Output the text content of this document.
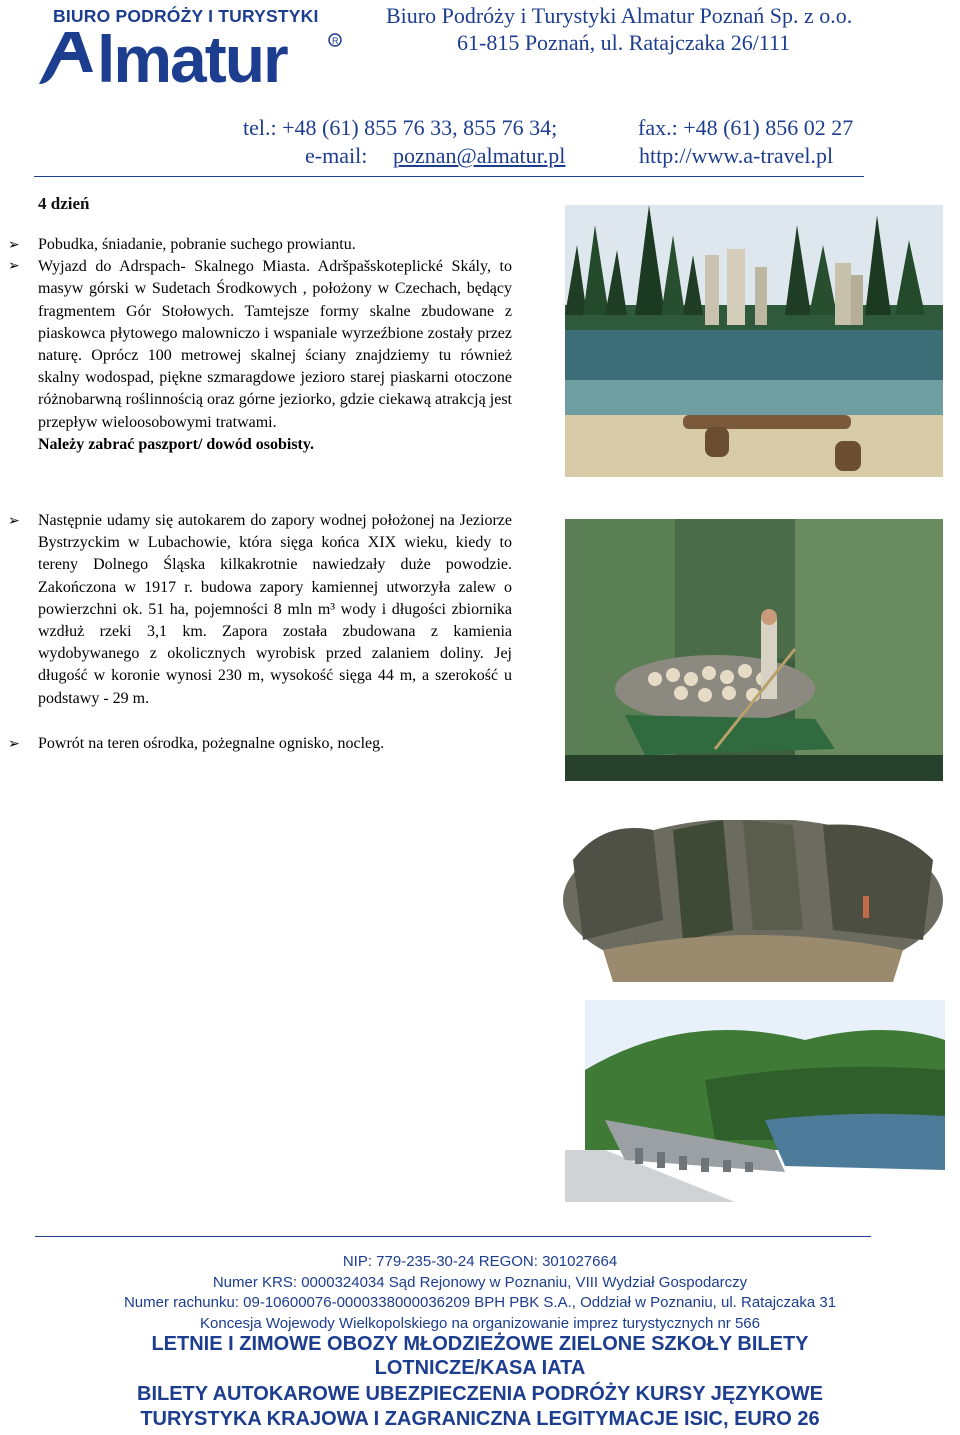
BIURO PODRÓŻY I TURYSTYKI
lmatur	R
Biuro Podróży i Turystyki Almatur Poznań Sp. z o.o.
61-815 Poznań, ul. Ratajczaka 26/111
tel.: +48 (61) 855 76 33, 855 76 34;	fax.: +48 (61) 856 02 27
e-mail: poznan@almatur.pl	http://www.a-travel.pl
4 dzień
➢ Pobudka, śniadanie, pobranie suchego prowiantu.
➢ Wyjazd do Adrspach- Skalnego Miasta. Adršpašskoteplické Skály, to masyw górski w Sudetach Środkowych , położony w Czechach, będący fragmentem Gór Stołowych. Tamtejsze formy skalne zbudowane z piaskowca płytowego malowniczo i wspaniale wyrzeźbione zostały przez naturę. Oprócz 100 metrowej skalnej ściany znajdziemy tu również skalny wodospad, piękne szmaragdowe jezioro starej piaskarni otoczone różnobarwną roślinnością oraz górne jeziorko, gdzie ciekawą atrakcją jest przepływ wieloosobowymi tratwami.
Należy zabrać paszport/ dowód osobisty.
➢ Następnie udamy się autokarem do zapory wodnej położonej na Jeziorze Bystrzyckim w Lubachowie, która sięga końca XIX wieku, kiedy to tereny Dolnego Śląska kilkakrotnie nawiedzały duże powodzie. Zakończona w 1917 r. budowa zapory kamiennej utworzyła zalew o powierzchni ok. 51 ha, pojemności 8 mln m³ wody i długości zbiornika wzdłuż rzeki 3,1 km. Zapora została zbudowana z kamienia wydobywanego z okolicznych wyrobisk przed zalaniem doliny. Jej długość w koronie wynosi 230 m, wysokość sięga 44 m, a szerokość u podstawy - 29 m.
➢ Powrót na teren ośrodka, pożegnalne ognisko, nocleg.
NIP: 779-235-30-24 REGON: 301027664
Numer KRS: 0000324034 Sąd Rejonowy w Poznaniu, VIII Wydział Gospodarczy
Numer rachunku: 09-10600076-0000338000036209 BPH PBK S.A., Oddział w Poznaniu, ul. Ratajczaka 31
Koncesja Wojewody Wielkopolskiego na organizowanie imprez turystycznych nr 566
LETNIE I ZIMOWE OBOZY MŁODZIEŻOWE ZIELONE SZKOŁY BILETY
LOTNICZE/KASA IATA
BILETY AUTOKAROWE UBEZPIECZENIA PODRÓŻY KURSY JĘZYKOWE
TURYSTYKA KRAJOWA I ZAGRANICZNA LEGITYMACJE ISIC, EURO 26
